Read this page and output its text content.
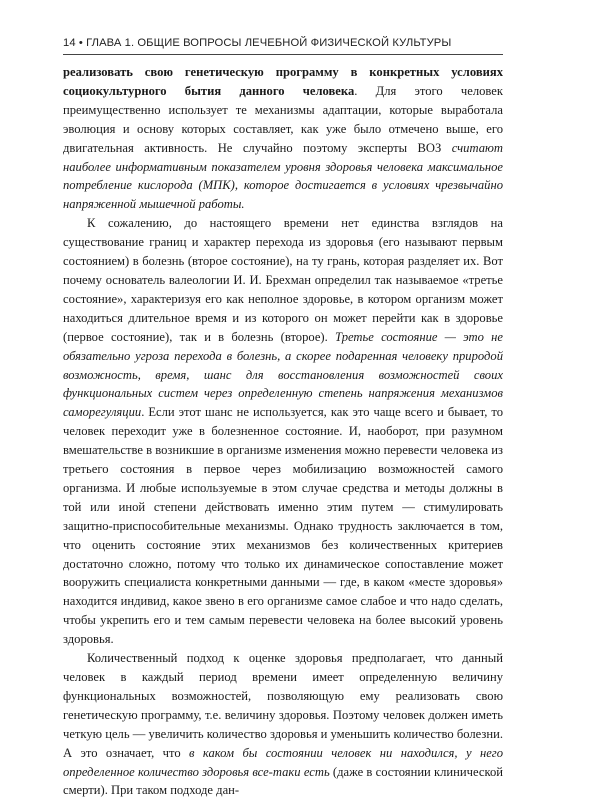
14 • ГЛАВА 1. ОБЩИЕ ВОПРОСЫ ЛЕЧЕБНОЙ ФИЗИЧЕСКОЙ КУЛЬТУРЫ

реализовать свою генетическую программу в конкретных условиях социокультурного бытия данного человека. Для этого человек преимущественно использует те механизмы адаптации, которые выработала эволюция и основу которых составляет, как уже было отмечено выше, его двигательная активность. Не случайно поэтому эксперты ВОЗ считают наиболее информативным показателем уровня здоровья человека максимальное потребление кислорода (МПК), которое достигается в условиях чрезвычайно напряженной мышечной работы.

К сожалению, до настоящего времени нет единства взглядов на существование границ и характер перехода из здоровья (его называют первым состоянием) в болезнь (второе состояние), на ту грань, которая разделяет их. Вот почему основатель валеологии И. И. Брехман определил так называемое «третье состояние», характеризуя его как неполное здоровье, в котором организм может находиться длительное время и из которого он может перейти как в здоровье (первое состояние), так и в болезнь (второе). Третье состояние — это не обязательно угроза перехода в болезнь, а скорее подаренная человеку природой возможность, время, шанс для восстановления возможностей своих функциональных систем через определенную степень напряжения механизмов саморегуляции. Если этот шанс не используется, как это чаще всего и бывает, то человек переходит уже в болезненное состояние. И, наоборот, при разумном вмешательстве в возникшие в организме изменения можно перевести человека из третьего состояния в первое через мобилизацию возможностей самого организма. И любые используемые в этом случае средства и методы должны в той или иной степени действовать именно этим путем — стимулировать защитно-приспособительные механизмы. Однако трудность заключается в том, что оценить состояние этих механизмов без количественных критериев достаточно сложно, потому что только их динамическое сопоставление может вооружить специалиста конкретными данными — где, в каком «месте здоровья» находится индивид, какое звено в его организме самое слабое и что надо сделать, чтобы укрепить его и тем самым перевести человека на более высокий уровень здоровья.

Количественный подход к оценке здоровья предполагает, что данный человек в каждый период времени имеет определенную величину функциональных возможностей, позволяющую ему реализовать свою генетическую программу, т.е. величину здоровья. Поэтому человек должен иметь четкую цель — увеличить количество здоровья и уменьшить количество болезни. А это означает, что в каком бы состоянии человек ни находился, у него определенное количество здоровья все-таки есть (даже в состоянии клинической смерти). При таком подходе дан-
